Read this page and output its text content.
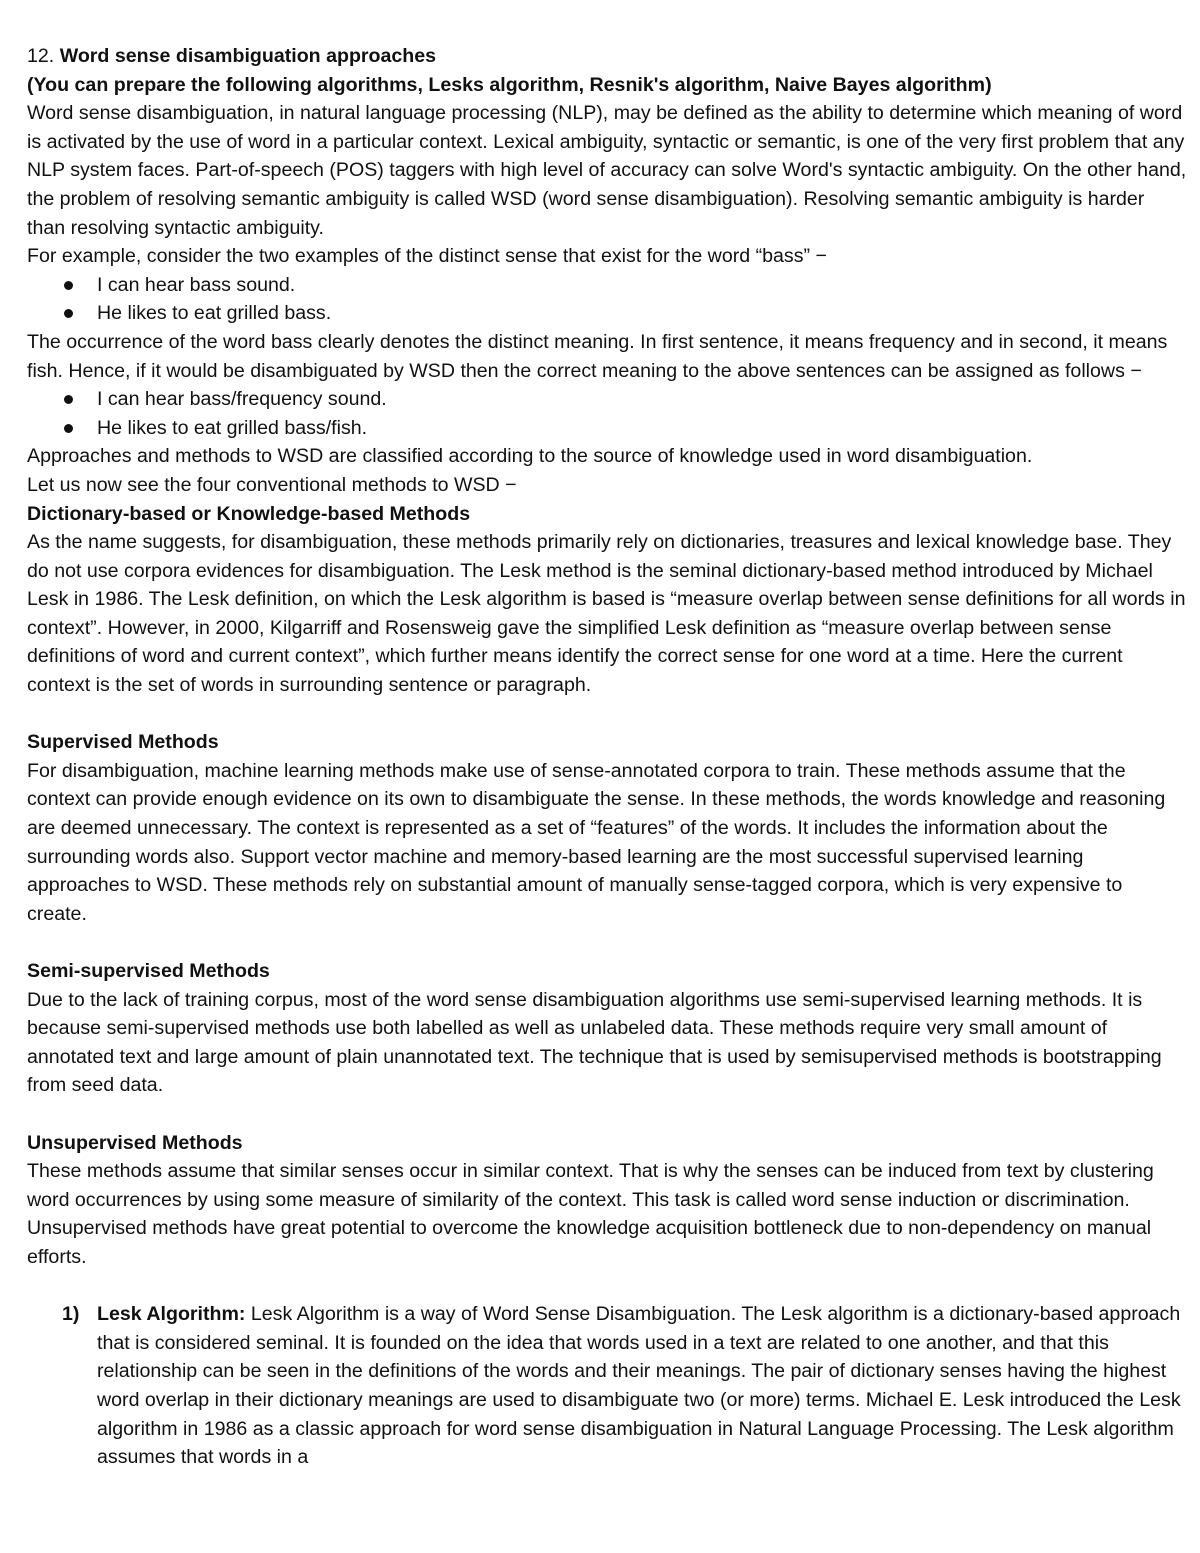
12. Word sense disambiguation approaches

(You can prepare the following algorithms, Lesks algorithm, Resnik's algorithm, Naive Bayes algorithm)

Word sense disambiguation, in natural language processing (NLP), may be defined as the ability to determine which meaning of word is activated by the use of word in a particular context. Lexical ambiguity, syntactic or semantic, is one of the very first problem that any NLP system faces. Part-of-speech (POS) taggers with high level of accuracy can solve Word's syntactic ambiguity. On the other hand, the problem of resolving semantic ambiguity is called WSD (word sense disambiguation). Resolving semantic ambiguity is harder than resolving syntactic ambiguity.

For example, consider the two examples of the distinct sense that exist for the word “bass” −

I can hear bass sound.
He likes to eat grilled bass.

The occurrence of the word bass clearly denotes the distinct meaning. In first sentence, it means frequency and in second, it means fish. Hence, if it would be disambiguated by WSD then the correct meaning to the above sentences can be assigned as follows −

I can hear bass/frequency sound.
He likes to eat grilled bass/fish.

Approaches and methods to WSD are classified according to the source of knowledge used in word disambiguation.

Let us now see the four conventional methods to WSD −

Dictionary-based or Knowledge-based Methods

As the name suggests, for disambiguation, these methods primarily rely on dictionaries, treasures and lexical knowledge base. They do not use corpora evidences for disambiguation. The Lesk method is the seminal dictionary-based method introduced by Michael Lesk in 1986. The Lesk definition, on which the Lesk algorithm is based is “measure overlap between sense definitions for all words in context”. However, in 2000, Kilgarriff and Rosensweig gave the simplified Lesk definition as “measure overlap between sense definitions of word and current context”, which further means identify the correct sense for one word at a time. Here the current context is the set of words in surrounding sentence or paragraph.

Supervised Methods

For disambiguation, machine learning methods make use of sense-annotated corpora to train. These methods assume that the context can provide enough evidence on its own to disambiguate the sense. In these methods, the words knowledge and reasoning are deemed unnecessary. The context is represented as a set of “features” of the words. It includes the information about the surrounding words also. Support vector machine and memory-based learning are the most successful supervised learning approaches to WSD. These methods rely on substantial amount of manually sense-tagged corpora, which is very expensive to create.

Semi-supervised Methods

Due to the lack of training corpus, most of the word sense disambiguation algorithms use semi-supervised learning methods. It is because semi-supervised methods use both labelled as well as unlabeled data. These methods require very small amount of annotated text and large amount of plain unannotated text. The technique that is used by semisupervised methods is bootstrapping from seed data.

Unsupervised Methods

These methods assume that similar senses occur in similar context. That is why the senses can be induced from text by clustering word occurrences by using some measure of similarity of the context. This task is called word sense induction or discrimination. Unsupervised methods have great potential to overcome the knowledge acquisition bottleneck due to non-dependency on manual efforts.

1) Lesk Algorithm: Lesk Algorithm is a way of Word Sense Disambiguation. The Lesk algorithm is a dictionary-based approach that is considered seminal. It is founded on the idea that words used in a text are related to one another, and that this relationship can be seen in the definitions of the words and their meanings. The pair of dictionary senses having the highest word overlap in their dictionary meanings are used to disambiguate two (or more) terms. Michael E. Lesk introduced the Lesk algorithm in 1986 as a classic approach for word sense disambiguation in Natural Language Processing. The Lesk algorithm assumes that words in a
